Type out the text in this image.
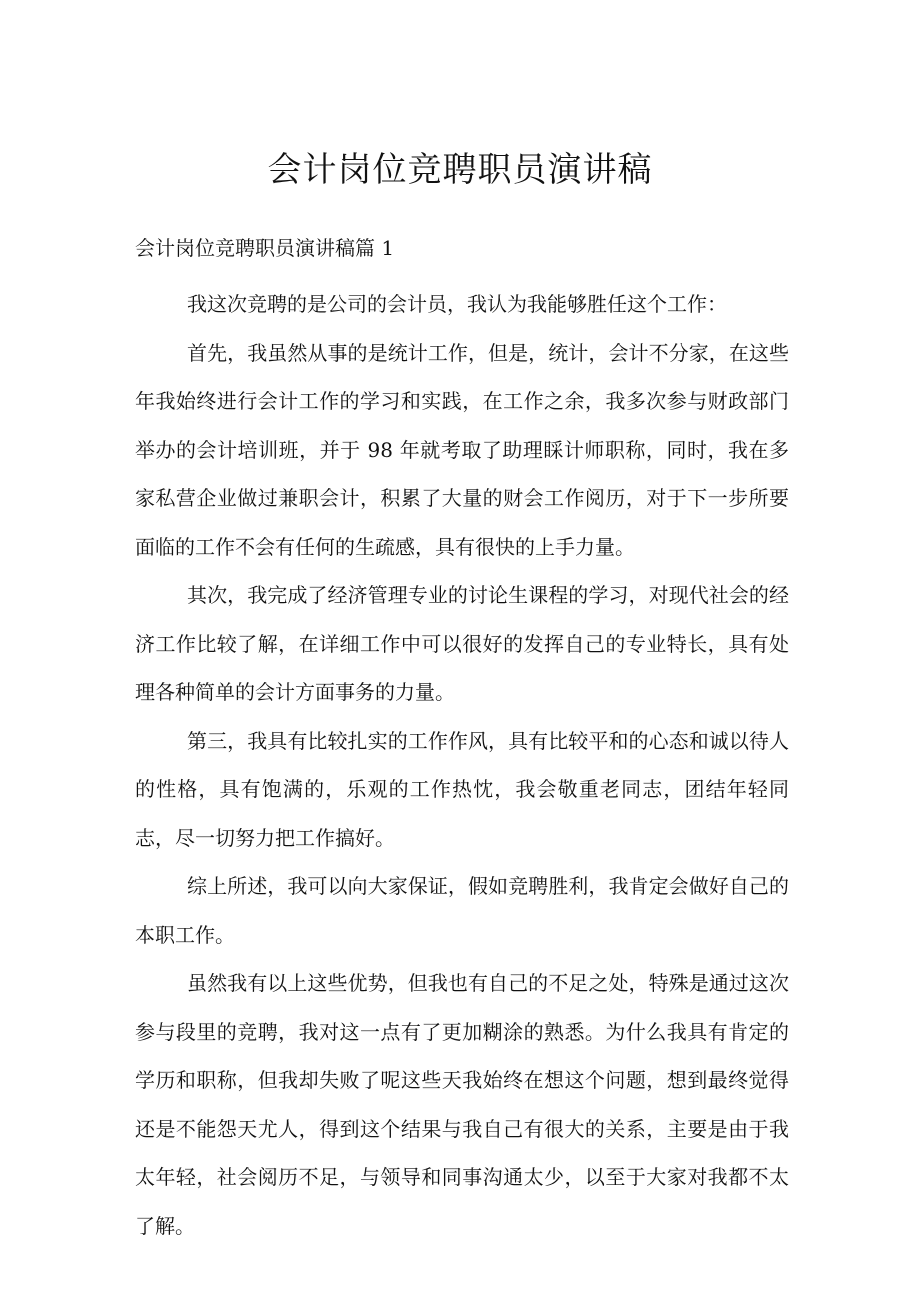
会计岗位竞聘职员演讲稿
会计岗位竞聘职员演讲稿篇 1

我这次竞聘的是公司的会计员，我认为我能够胜任这个工作：

首先，我虽然从事的是统计工作，但是，统计，会计不分家，在这些年我始终进行会计工作的学习和实践，在工作之余，我多次参与财政部门举办的会计培训班，并于 98 年就考取了助理睬计师职称，同时，我在多家私营企业做过兼职会计，积累了大量的财会工作阅历，对于下一步所要面临的工作不会有任何的生疏感，具有很快的上手力量。

其次，我完成了经济管理专业的讨论生课程的学习，对现代社会的经济工作比较了解，在详细工作中可以很好的发挥自己的专业特长，具有处理各种简单的会计方面事务的力量。

第三，我具有比较扎实的工作作风，具有比较平和的心态和诚以待人的性格，具有饱满的，乐观的工作热忱，我会敬重老同志，团结年轻同志，尽一切努力把工作搞好。

综上所述，我可以向大家保证，假如竞聘胜利，我肯定会做好自己的本职工作。

虽然我有以上这些优势，但我也有自己的不足之处，特殊是通过这次参与段里的竞聘，我对这一点有了更加糊涂的熟悉。为什么我具有肯定的学历和职称，但我却失败了呢这些天我始终在想这个问题，想到最终觉得还是不能怨天尤人，得到这个结果与我自己有很大的关系，主要是由于我太年轻，社会阅历不足，与领导和同事沟通太少，以至于大家对我都不太了解。
